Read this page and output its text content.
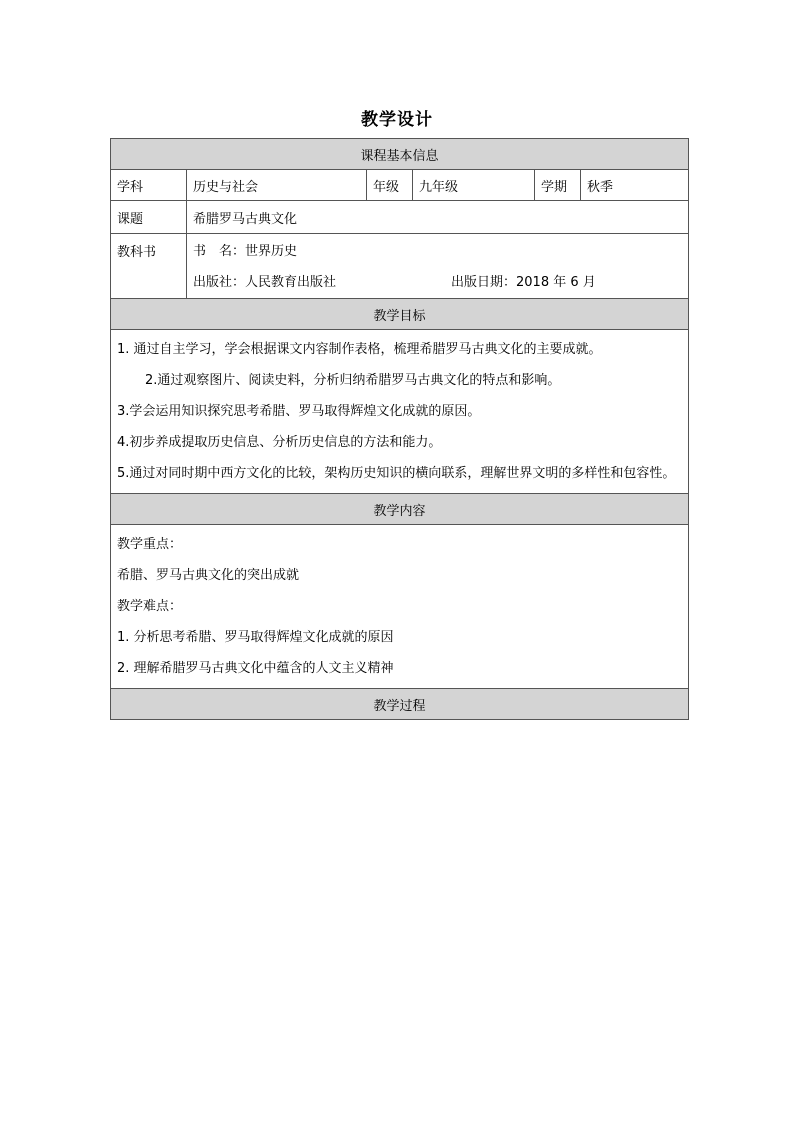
教学设计
课程基本信息					
学科	历史与社会	年级	九年级	学期	秋季
课题	希腊罗马古典文化				
教科书	书　名：世界历史
出版社：人民教育出版社 出版日期：2018 年 6 月				

教学目标					

1. 通过自主学习，学会根据课文内容制作表格，梳理希腊罗马古典文化的主要成就。
2.通过观察图片、阅读史料，分析归纳希腊罗马古典文化的特点和影响。
3.学会运用知识探究思考希腊、罗马取得辉煌文化成就的原因。
4.初步养成提取历史信息、分析历史信息的方法和能力。
5.通过对同时期中西方文化的比较，架构历史知识的横向联系，理解世界文明的多样性和包容性。					

教学内容					

教学重点：
希腊、罗马古典文化的突出成就
教学难点：
1. 分析思考希腊、罗马取得辉煌文化成就的原因
2. 理解希腊罗马古典文化中蕴含的人文主义精神					

教学过程					
